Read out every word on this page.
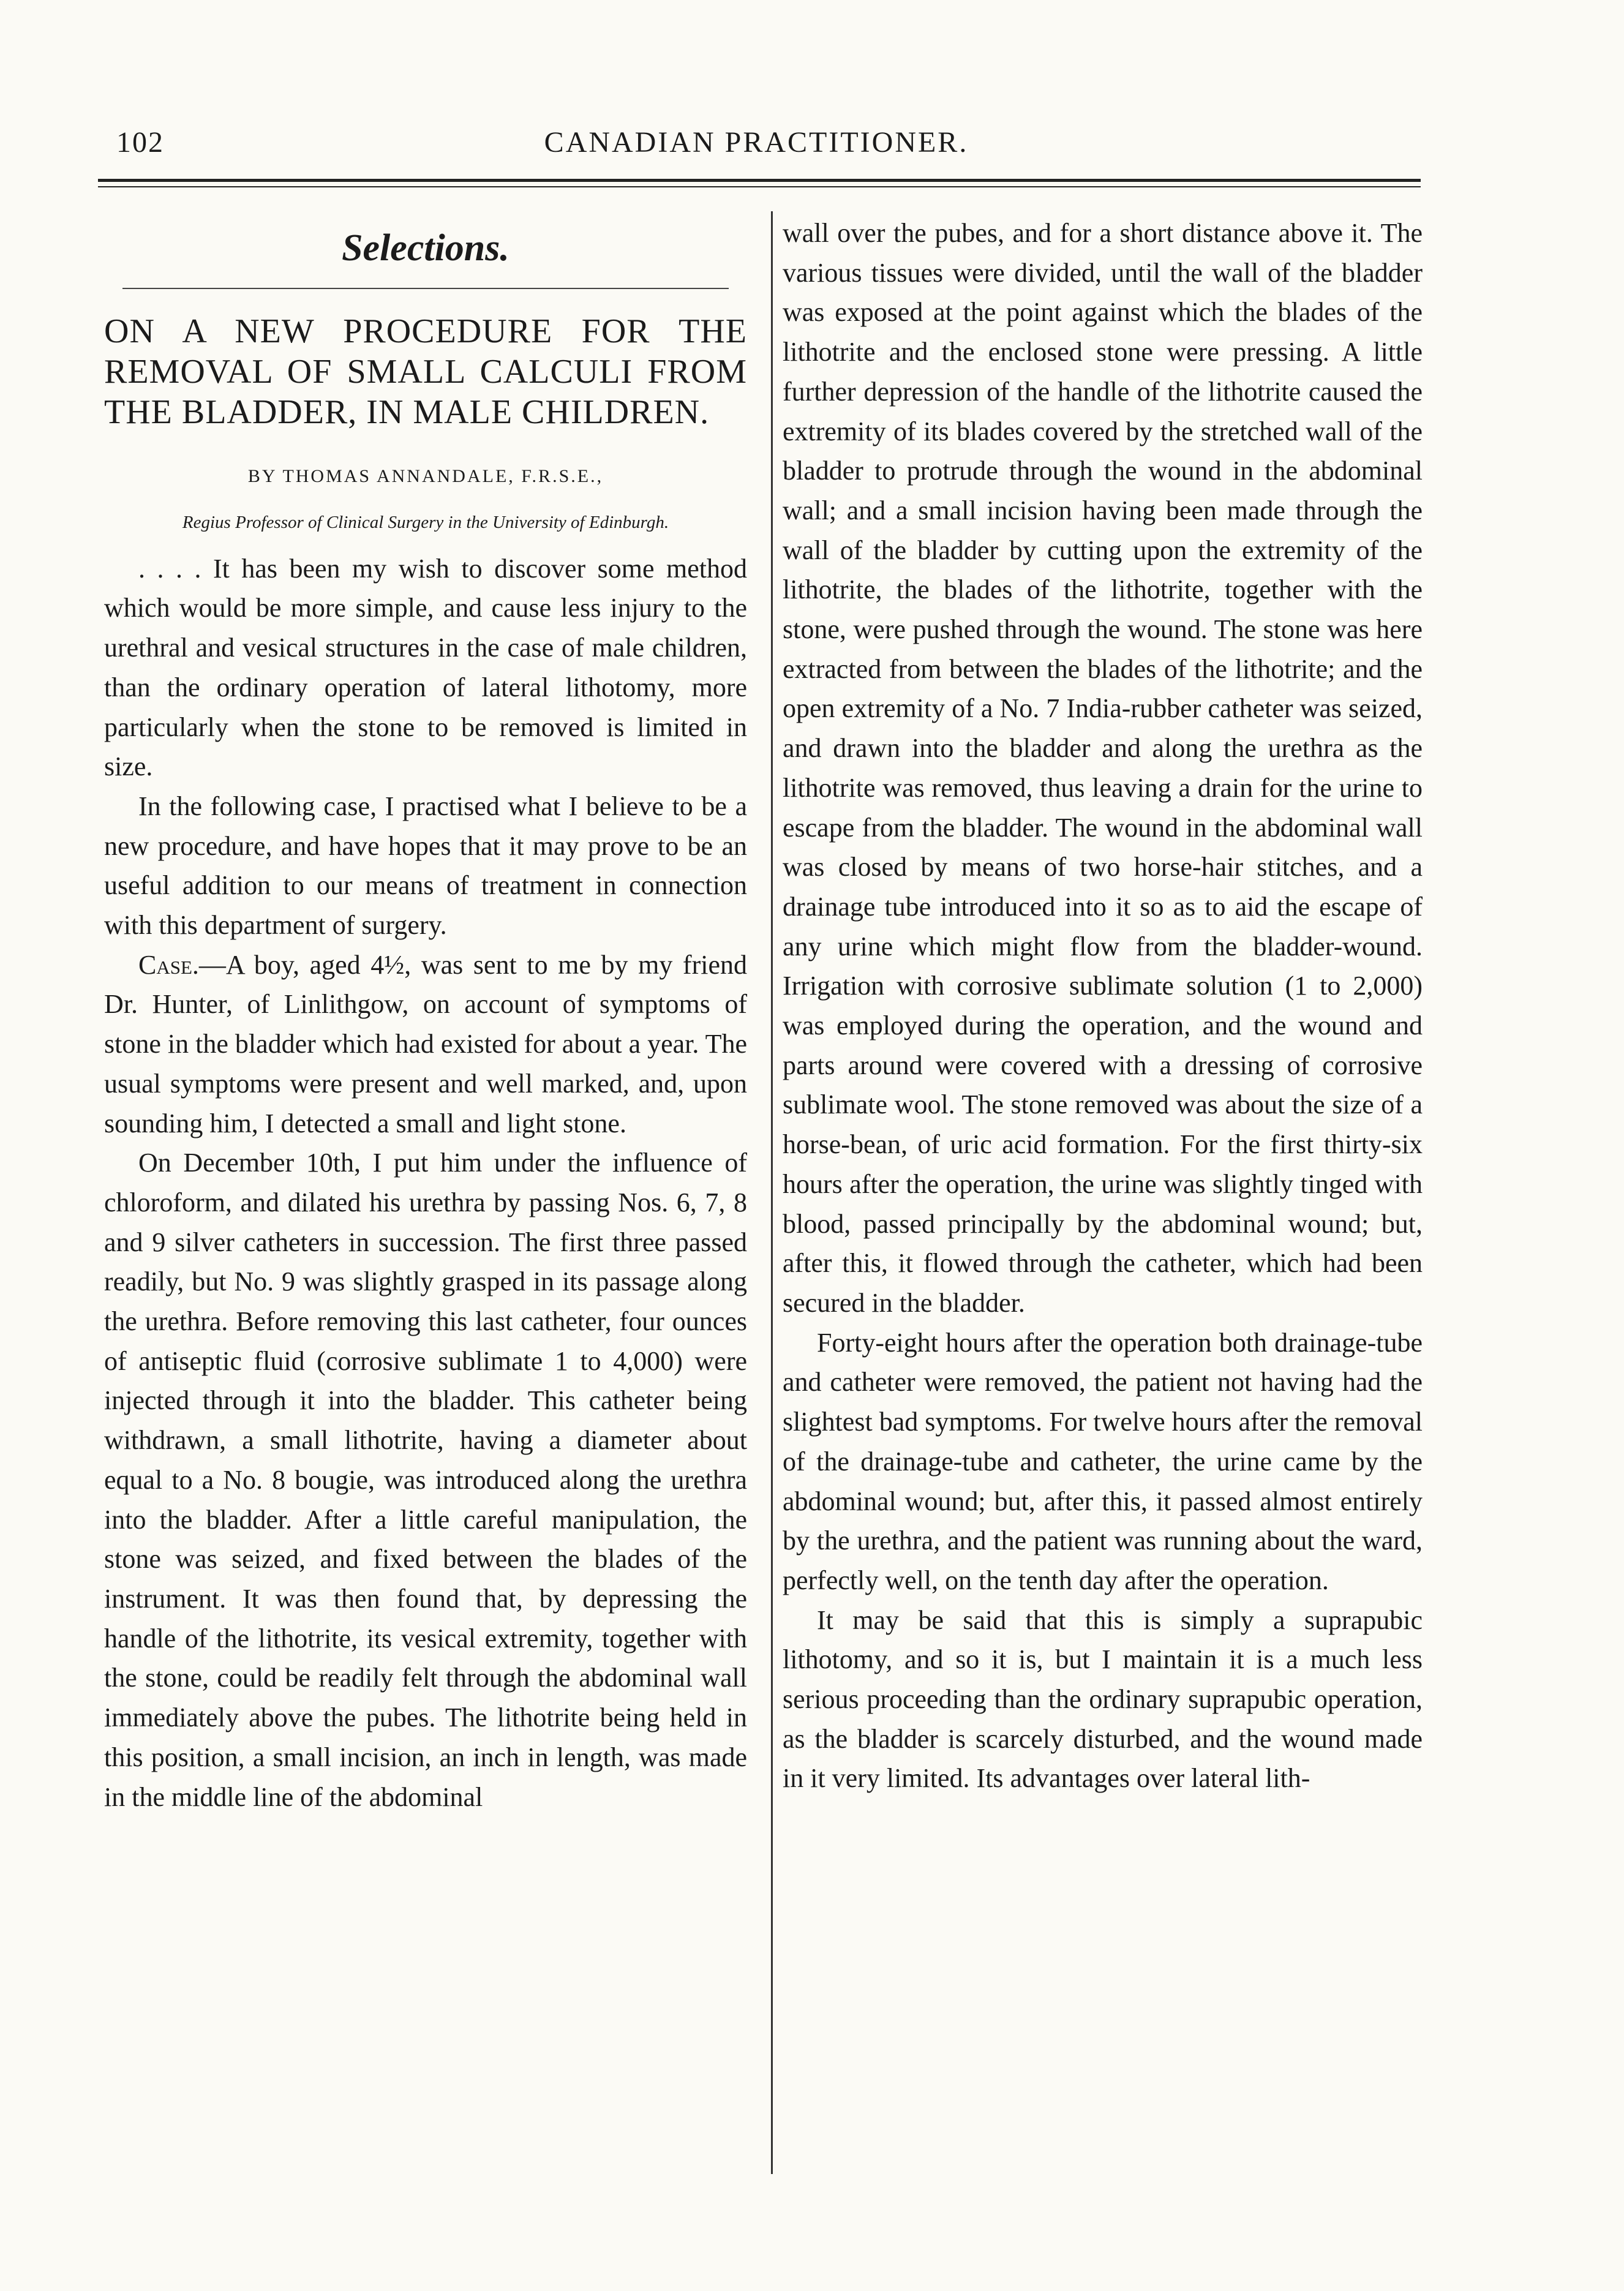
102	CANADIAN PRACTITIONER.
Selections.
ON A NEW PROCEDURE FOR THE REMOVAL OF SMALL CALCULI FROM THE BLADDER, IN MALE CHILDREN.
BY THOMAS ANNANDALE, F.R.S.E.,
Regius Professor of Clinical Surgery in the University of Edinburgh.

. . . . It has been my wish to discover some method which would be more simple, and cause less injury to the urethral and vesical structures in the case of male children, than the ordinary operation of lateral lithotomy, more particularly when the stone to be removed is limited in size.

In the following case, I practised what I believe to be a new procedure, and have hopes that it may prove to be an useful addition to our means of treatment in connection with this department of surgery.

Case.—A boy, aged 4½, was sent to me by my friend Dr. Hunter, of Linlithgow, on account of symptoms of stone in the bladder which had existed for about a year. The usual symptoms were present and well marked, and, upon sounding him, I detected a small and light stone.

On December 10th, I put him under the influence of chloroform, and dilated his urethra by passing Nos. 6, 7, 8 and 9 silver catheters in succession. The first three passed readily, but No. 9 was slightly grasped in its passage along the urethra. Before removing this last catheter, four ounces of antiseptic fluid (corrosive sublimate 1 to 4,000) were injected through it into the bladder. This catheter being withdrawn, a small lithotrite, having a diameter about equal to a No. 8 bougie, was introduced along the urethra into the bladder. After a little careful manipulation, the stone was seized, and fixed between the blades of the instrument. It was then found that, by depressing the handle of the lithotrite, its vesical extremity, together with the stone, could be readily felt through the abdominal wall immediately above the pubes. The lithotrite being held in this position, a small incision, an inch in length, was made in the middle line of the abdominal

wall over the pubes, and for a short distance above it. The various tissues were divided, until the wall of the bladder was exposed at the point against which the blades of the lithotrite and the enclosed stone were pressing. A little further depression of the handle of the lithotrite caused the extremity of its blades covered by the stretched wall of the bladder to protrude through the wound in the abdominal wall; and a small incision having been made through the wall of the bladder by cutting upon the extremity of the lithotrite, the blades of the lithotrite, together with the stone, were pushed through the wound. The stone was here extracted from between the blades of the lithotrite; and the open extremity of a No. 7 India-rubber catheter was seized, and drawn into the bladder and along the urethra as the lithotrite was removed, thus leaving a drain for the urine to escape from the bladder. The wound in the abdominal wall was closed by means of two horse-hair stitches, and a drainage tube introduced into it so as to aid the escape of any urine which might flow from the bladder-wound. Irrigation with corrosive sublimate solution (1 to 2,000) was employed during the operation, and the wound and parts around were covered with a dressing of corrosive sublimate wool. The stone removed was about the size of a horse-bean, of uric acid formation. For the first thirty-six hours after the operation, the urine was slightly tinged with blood, passed principally by the abdominal wound; but, after this, it flowed through the catheter, which had been secured in the bladder.

Forty-eight hours after the operation both drainage-tube and catheter were removed, the patient not having had the slightest bad symptoms. For twelve hours after the removal of the drainage-tube and catheter, the urine came by the abdominal wound; but, after this, it passed almost entirely by the urethra, and the patient was running about the ward, perfectly well, on the tenth day after the operation.

It may be said that this is simply a suprapubic lithotomy, and so it is, but I maintain it is a much less serious proceeding than the ordinary suprapubic operation, as the bladder is scarcely disturbed, and the wound made in it very limited. Its advantages over lateral lith-
